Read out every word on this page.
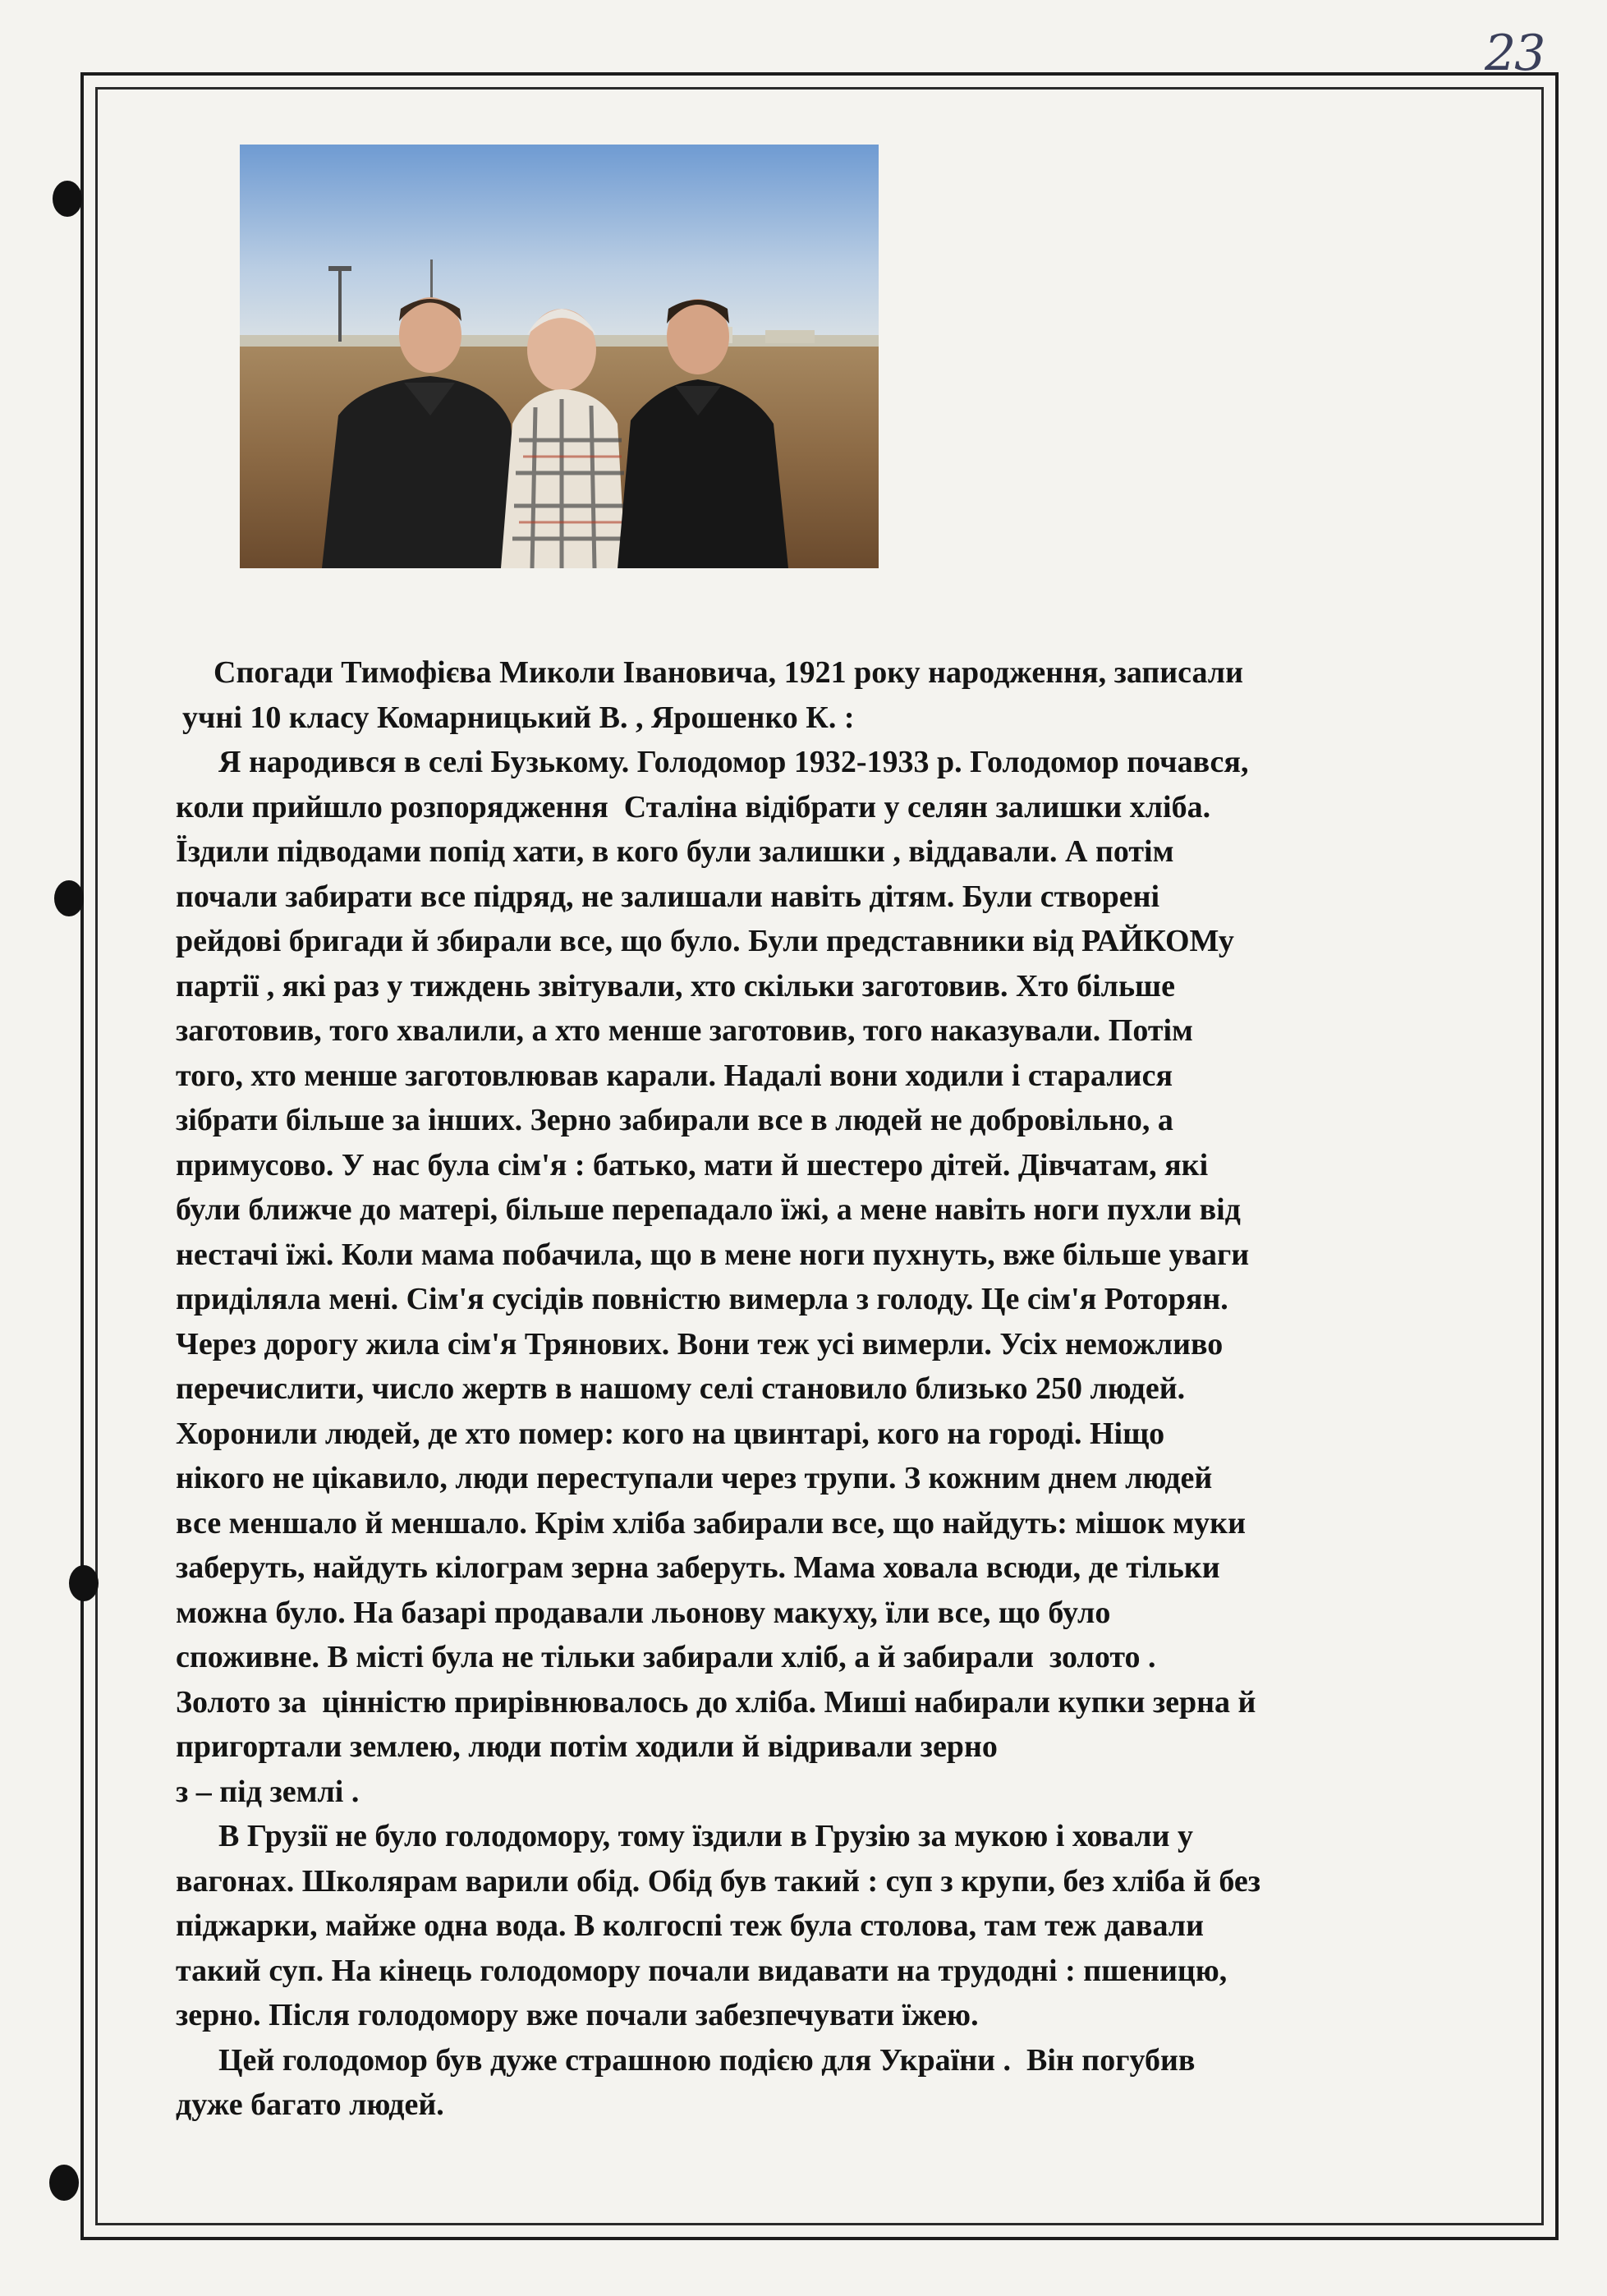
23

Спогади Тимофієва Миколи Івановича, 1921 року народження, записали

учні 10 класу Комарницький В. , Ярошенко К. :

Я народився в селі Бузькому. Голодомор 1932-1933 р. Голодомор почався,

коли прийшло розпорядження  Сталіна відібрати у селян залишки хліба.

Їздили підводами попід хати, в кого були залишки , віддавали. А потім

почали забирати все підряд, не залишали навіть дітям. Були створені

рейдові бригади й збирали все, що було. Були представники від РАЙКОМу

партії , які раз у тиждень звітували, хто скільки заготовив. Хто більше

заготовив, того хвалили, а хто менше заготовив, того наказували. Потім

того, хто менше заготовлював карали. Надалі вони ходили і старалися

зібрати більше за інших. Зерно забирали все в людей не добровільно, а

примусово. У нас була сім'я : батько, мати й шестеро дітей. Дівчатам, які

були ближче до матері, більше перепадало їжі, а мене навіть ноги пухли від

нестачі їжі. Коли мама побачила, що в мене ноги пухнуть, вже більше уваги

приділяла мені. Сім'я сусідів повністю вимерла з голоду. Це сім'я Роторян.

Через дорогу жила сім'я Трянових. Вони теж усі вимерли. Усіх неможливо

перечислити, число жертв в нашому селі становило близько 250 людей.

Хоронили людей, де хто помер: кого на цвинтарі, кого на городі. Ніщо

нікого не цікавило, люди переступали через трупи. З кожним днем людей

все меншало й меншало. Крім хліба забирали все, що найдуть: мішок муки

заберуть, найдуть кілограм зерна заберуть. Мама ховала всюди, де тільки

можна було. На базарі продавали льонову макуху, їли все, що було

споживне. В місті була не тільки забирали хліб, а й забирали  золото .

Золото за  цінністю прирівнювалось до хліба. Миші набирали купки зерна й

пригортали землею, люди потім ходили й відривали зерно

з – під землі .

В Грузії не було голодомору, тому їздили в Грузію за мукою і ховали у

вагонах. Школярам варили обід. Обід був такий : суп з крупи, без хліба й без

піджарки, майже одна вода. В колгоспі теж була столова, там теж давали

такий суп. На кінець голодомору почали видавати на трудодні : пшеницю,

зерно. Після голодомору вже почали забезпечувати їжею.

Цей голодомор був дуже страшною подією для України .  Він погубив

дуже багато людей.
